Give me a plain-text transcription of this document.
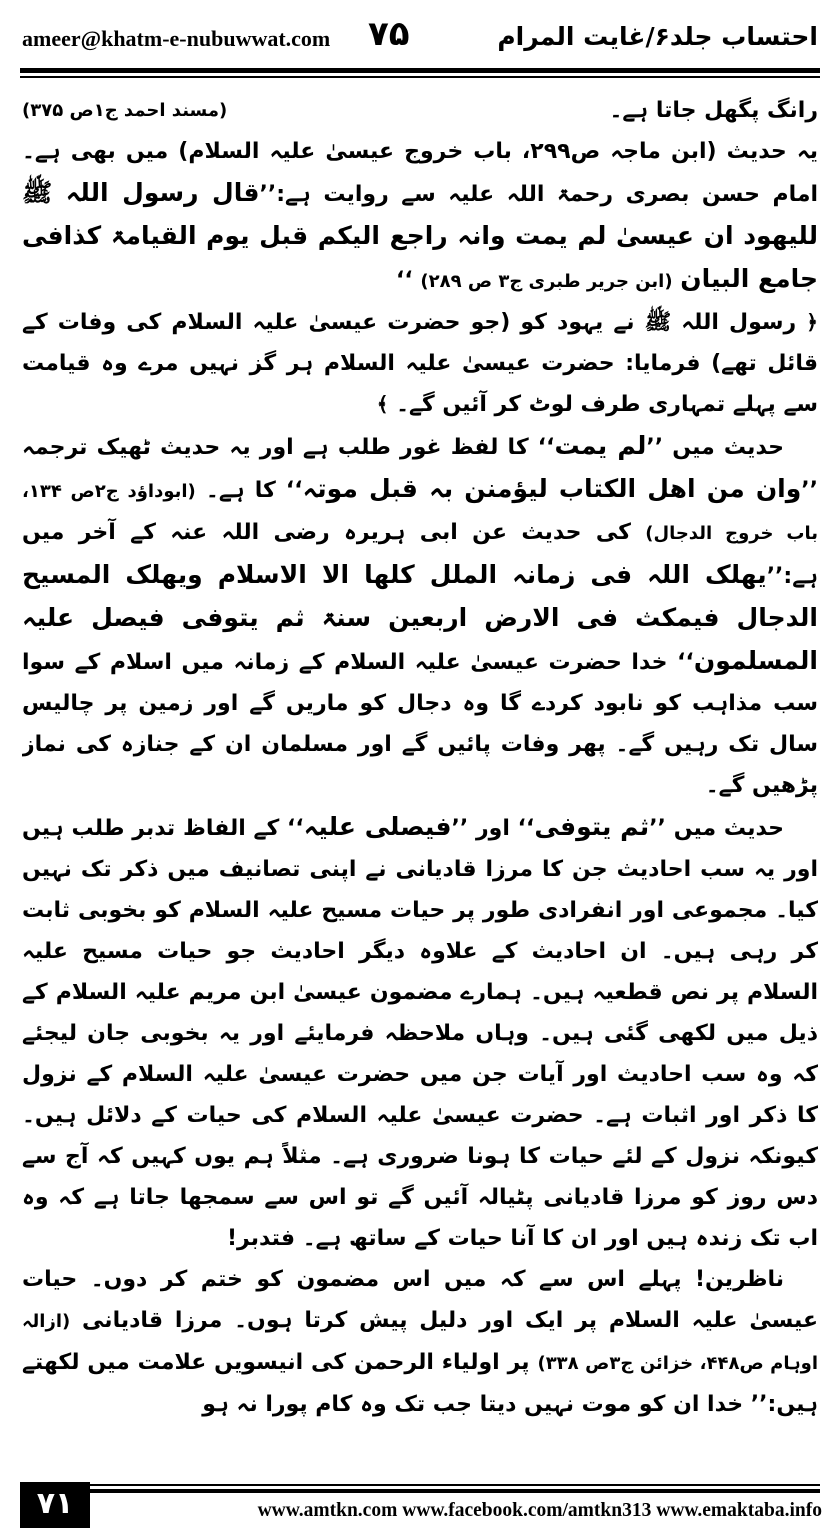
ameer@khatm-e-nubuwwat.com ۷۵	احتساب جلد۶/غایت المرام
رانگ پگھل جاتا ہے۔
(مسند احمد ج۱ص ۳۷۵)

یہ حدیث (ابن ماجہ ص۲۹۹، باب خروج عیسیٰ علیہ السلام) میں بھی ہے۔امام حسن بصری رحمۃ اللہ علیہ سے روایت ہے:’’قال رسول اللہ ﷺ للیھود ان عیسیٰ لم یمت وانہ راجع الیکم قبل یوم القیامۃ کذافی جامع البیان (ابن جریر طبری ج۳ ص ۲۸۹) ‘‘

﴿ رسول اللہ ﷺ نے یہود کو (جو حضرت عیسیٰ علیہ السلام کی وفات کے قائل تھے) فرمایا: حضرت عیسیٰ علیہ السلام ہر گز نہیں مرے وہ قیامت سے پہلے تمہاری طرف لوٹ کر آئیں گے۔ ﴾

حدیث میں ’’لم یمت‘‘ کا لفظ غور طلب ہے اور یہ حدیث ٹھیک ترجمہ ’’وان من اھل الکتاب لیؤمنن بہ قبل موتہ‘‘ کا ہے۔ (ابوداؤد ج۲ص ۱۳۴، باب خروج الدجال) کی حدیث عن ابی ہریرہ رضی اللہ عنہ کے آخر میں ہے:’’یھلک اللہ فی زمانہ الملل کلھا الا الاسلام ویھلک المسیح الدجال فیمکث فی الارض اربعین سنۃ ثم یتوفی فیصل علیہ المسلمون‘‘ خدا حضرت عیسیٰ علیہ السلام کے زمانہ میں اسلام کے سوا سب مذاہب کو نابود کردے گا وہ دجال کو ماریں گے اور زمین پر چالیس سال تک رہیں گے۔ پھر وفات پائیں گے اور مسلمان ان کے جنازہ کی نماز پڑھیں گے۔

حدیث میں ’’ثم یتوفی‘‘ اور ’’فیصلی علیہ‘‘ کے الفاظ تدبر طلب ہیں اور یہ سب احادیث جن کا مرزا قادیانی نے اپنی تصانیف میں ذکر تک نہیں کیا۔ مجموعی اور انفرادی طور پر حیات مسیح علیہ السلام کو بخوبی ثابت کر رہی ہیں۔ ان احادیث کے علاوہ دیگر احادیث جو حیات مسیح علیہ السلام پر نص قطعیہ ہیں۔ ہمارے مضمون عیسیٰ ابن مریم علیہ السلام کے ذیل میں لکھی گئی ہیں۔ وہاں ملاحظہ فرمایئے اور یہ بخوبی جان لیجئے کہ وہ سب احادیث اور آیات جن میں حضرت عیسیٰ علیہ السلام کے نزول کا ذکر اور اثبات ہے۔ حضرت عیسیٰ علیہ السلام کی حیات کے دلائل ہیں۔ کیونکہ نزول کے لئے حیات کا ہونا ضروری ہے۔ مثلاً ہم یوں کہیں کہ آج سے دس روز کو مرزا قادیانی پٹیالہ آئیں گے تو اس سے سمجھا جاتا ہے کہ وہ اب تک زندہ ہیں اور ان کا آنا حیات کے ساتھ ہے۔ فتدبر!

ناظرین! پہلے اس سے کہ میں اس مضمون کو ختم کر دوں۔ حیات عیسیٰ علیہ السلام پر ایک اور دلیل پیش کرتا ہوں۔ مرزا قادیانی (ازالہ اوہام ص۴۴۸، خزائن ج۳ص ۳۳۸) پر اولیاء الرحمن کی انیسویں علامت میں لکھتے ہیں:’’ خدا ان کو موت نہیں دیتا جب تک وہ کام پورا نہ ہو

۷۱	www.amtkn.com www.facebook.com/amtkn313 www.emaktaba.info
